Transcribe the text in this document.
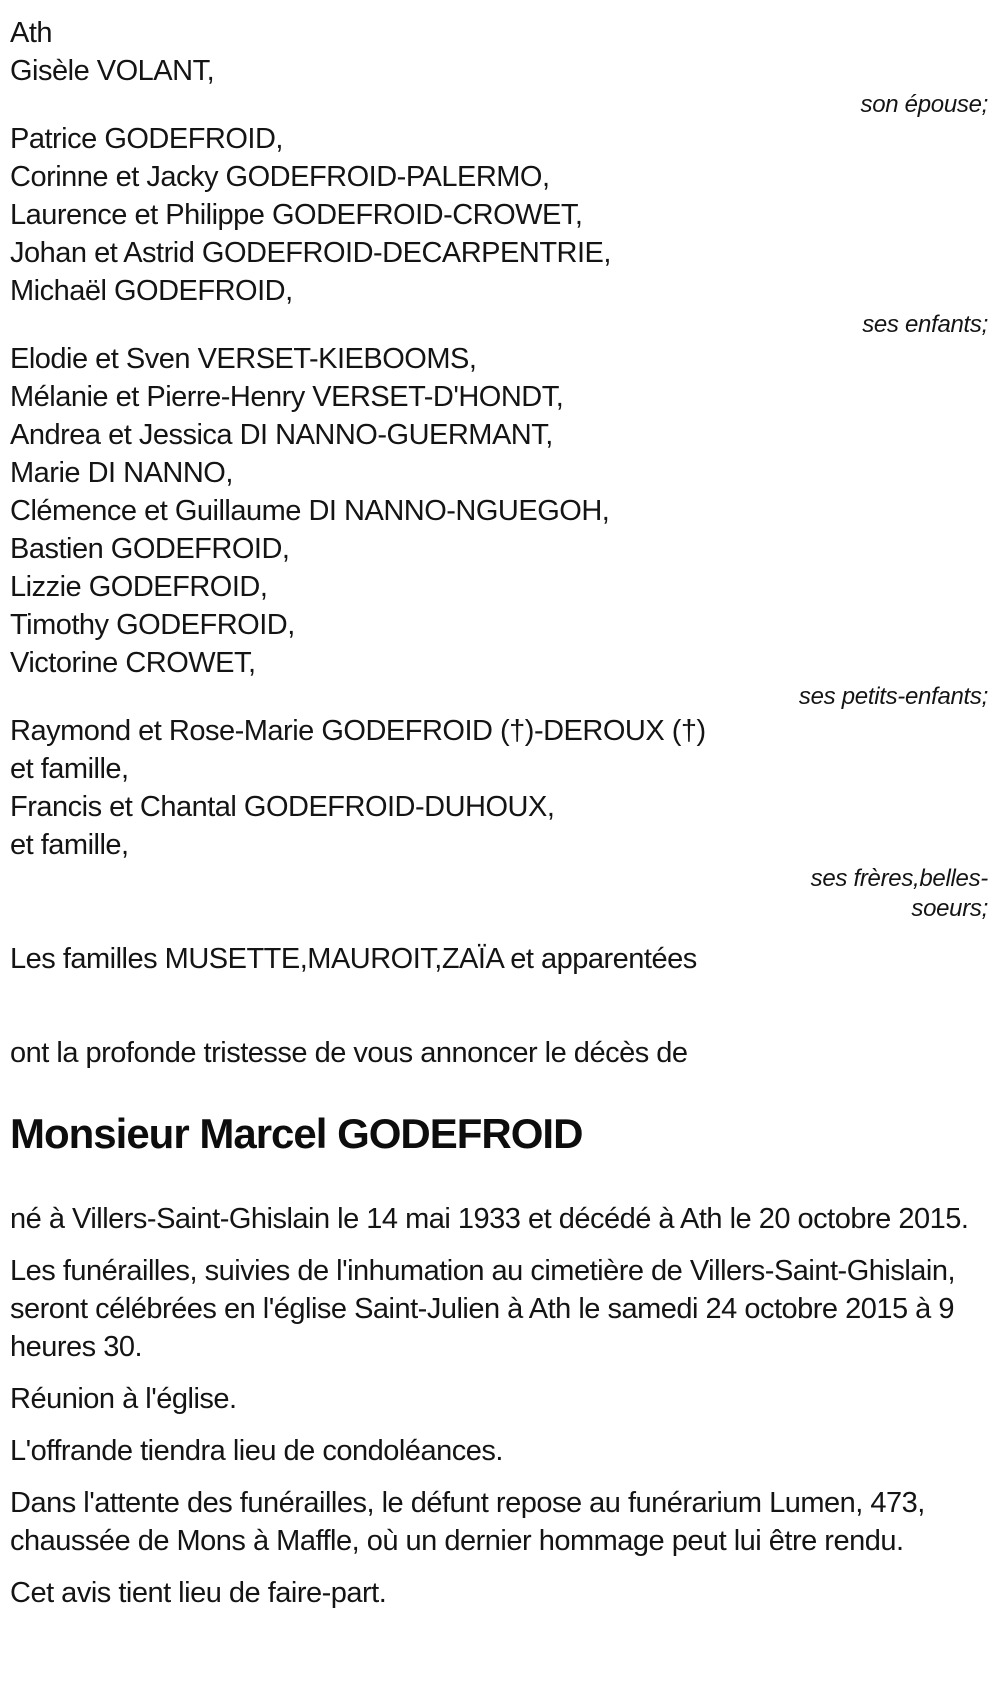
Ath
Gisèle VOLANT,
son épouse;
Patrice GODEFROID,
Corinne et Jacky GODEFROID-PALERMO,
Laurence et Philippe GODEFROID-CROWET,
Johan et Astrid GODEFROID-DECARPENTRIE,
Michaël GODEFROID,
ses enfants;
Elodie et Sven VERSET-KIEBOOMS,
Mélanie et Pierre-Henry VERSET-D'HONDT,
Andrea et Jessica DI NANNO-GUERMANT,
Marie DI NANNO,
Clémence et Guillaume DI NANNO-NGUEGOH,
Bastien GODEFROID,
Lizzie GODEFROID,
Timothy GODEFROID,
Victorine CROWET,
ses petits-enfants;
Raymond et Rose-Marie GODEFROID (†)-DEROUX (†)
et famille,
Francis et Chantal GODEFROID-DUHOUX,
et famille,
ses frères,belles-soeurs;
Les familles MUSETTE,MAUROIT,ZAÏA et apparentées
ont la profonde tristesse de vous annoncer le décès de
Monsieur Marcel GODEFROID

né à Villers-Saint-Ghislain le 14 mai 1933 et décédé à Ath le 20 octobre 2015.

Les funérailles, suivies de l'inhumation au cimetière de Villers-Saint-Ghislain, seront célébrées en l'église Saint-Julien à Ath le samedi 24 octobre 2015 à 9 heures 30.

Réunion à l'église.

L'offrande tiendra lieu de condoléances.

Dans l'attente des funérailles, le défunt repose au funérarium Lumen, 473, chaussée de Mons à Maffle, où un dernier hommage peut lui être rendu.

Cet avis tient lieu de faire-part.
